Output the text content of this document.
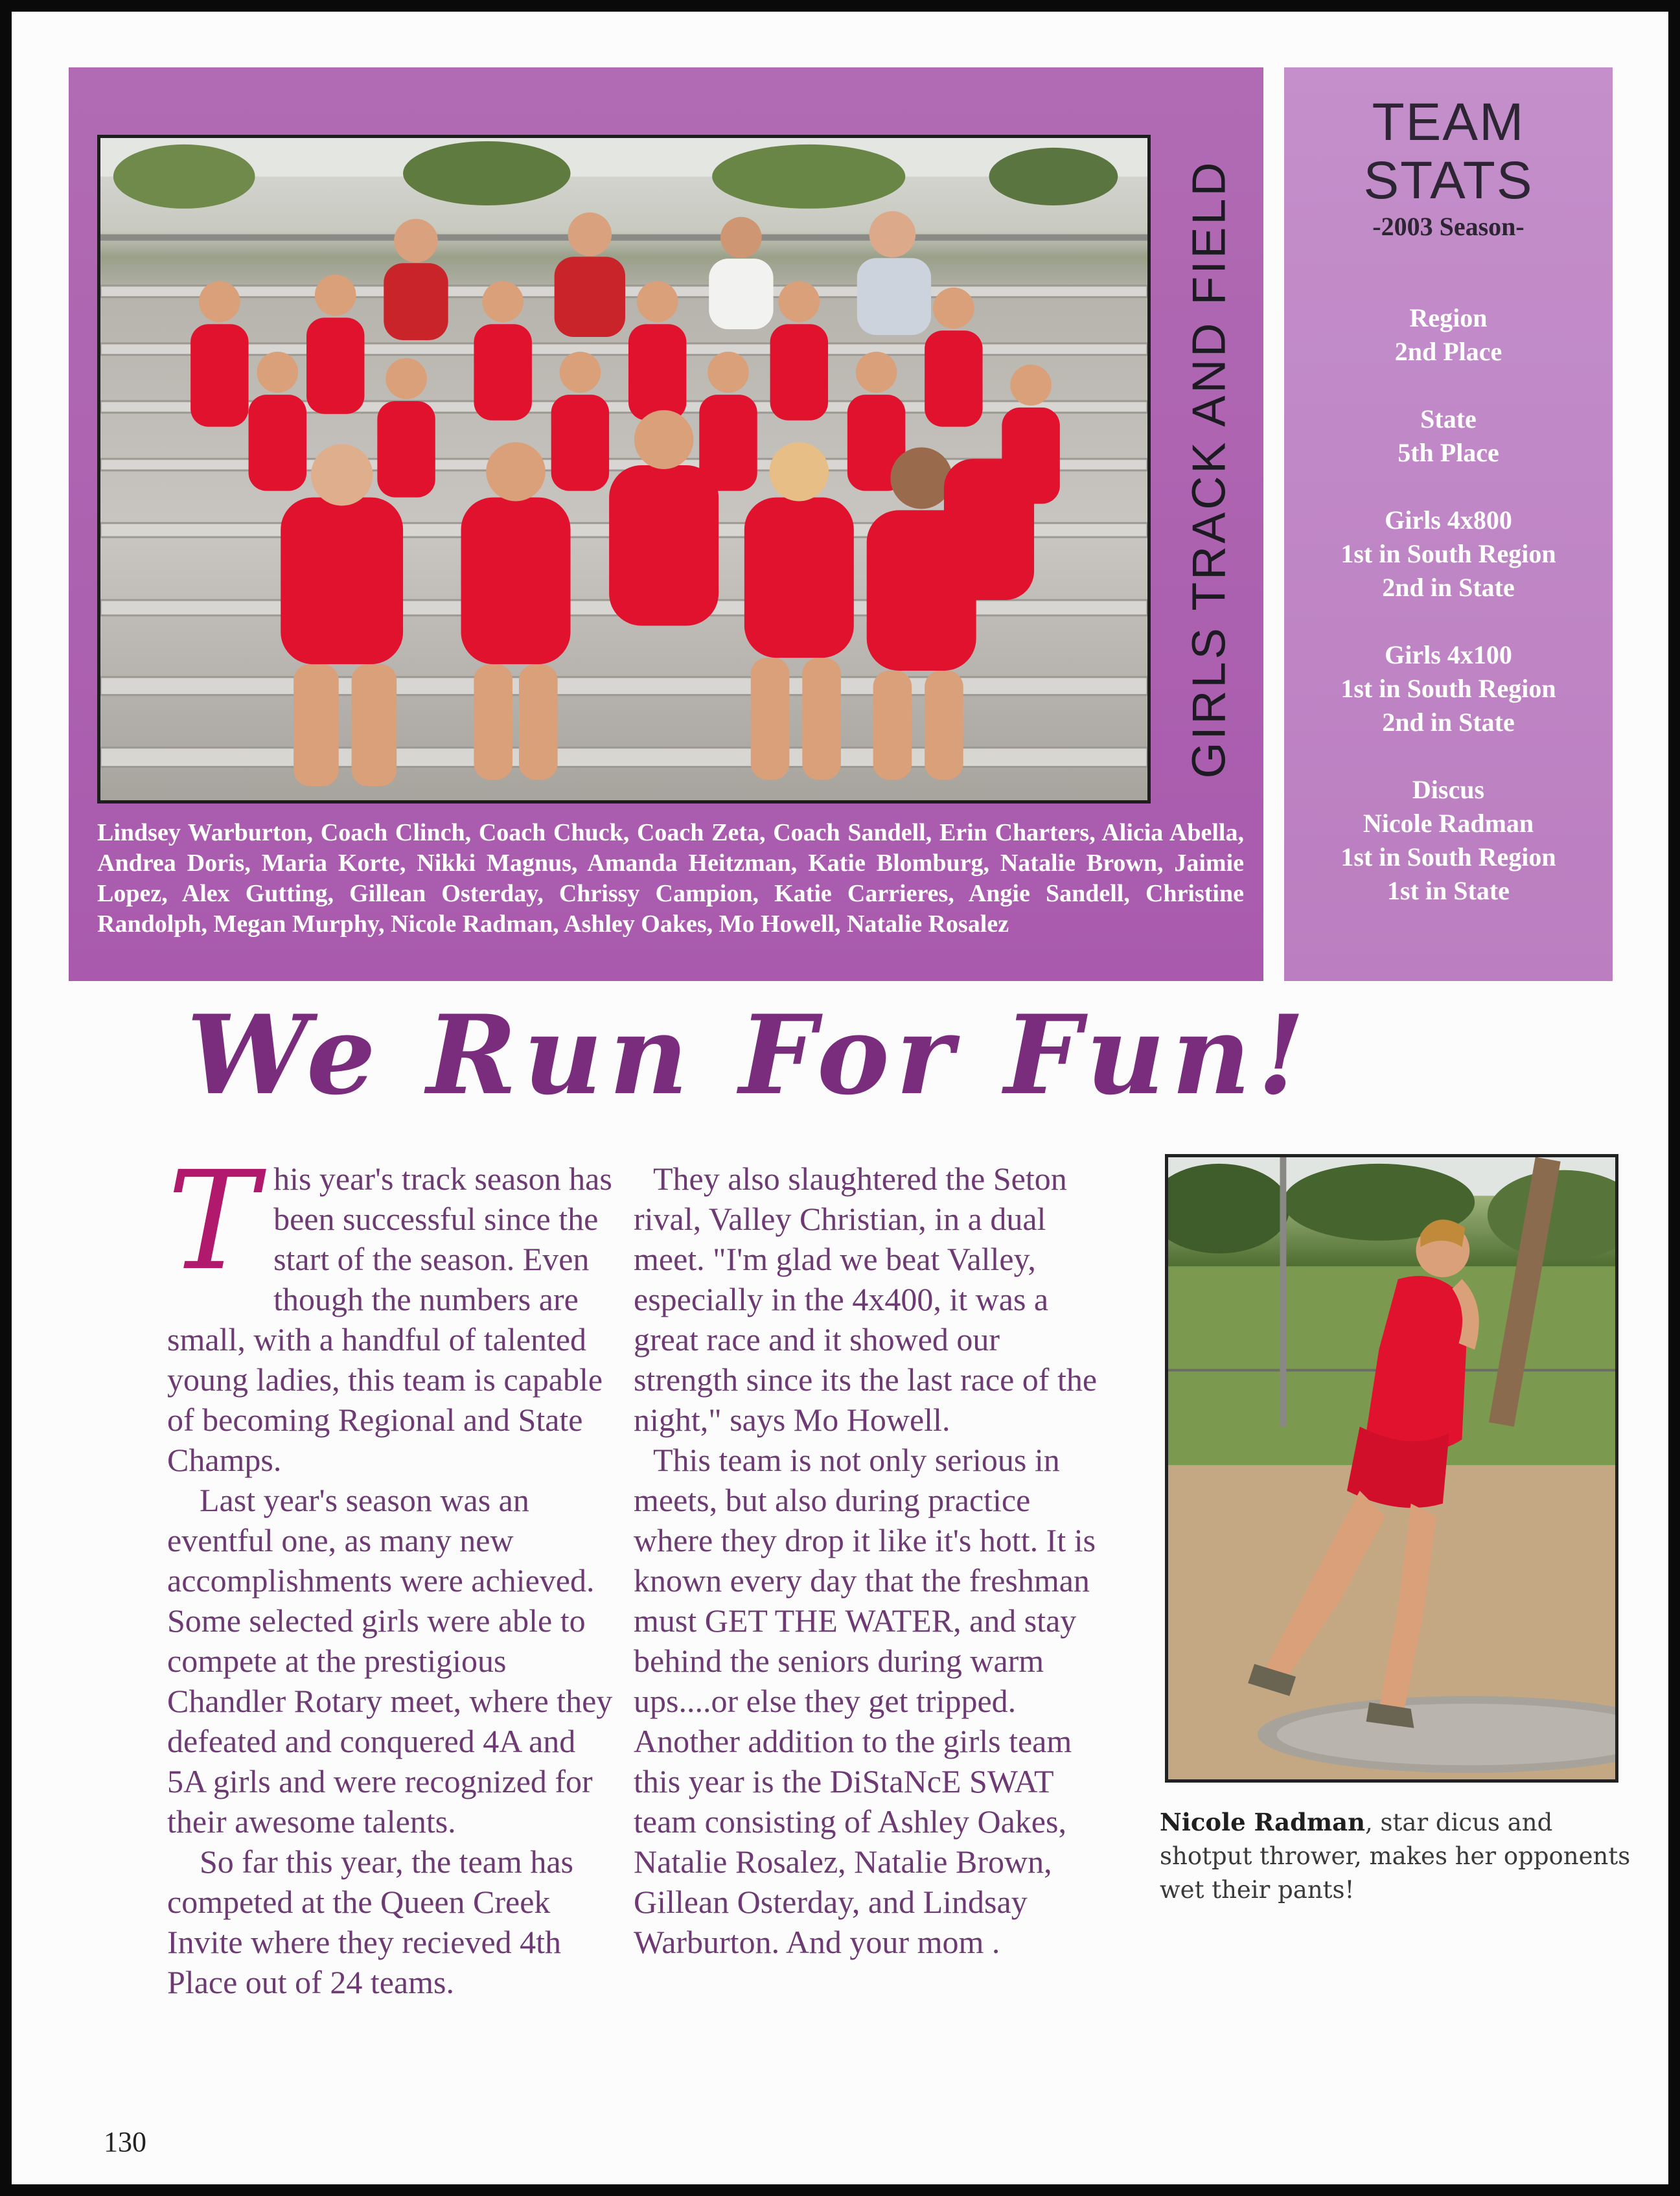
GIRLS TRACK AND FIELD
Lindsey Warburton, Coach Clinch, Coach Chuck, Coach Zeta, Coach Sandell, Erin Charters, Alicia Abella, Andrea Doris, Maria Korte, Nikki Magnus, Amanda Heitzman, Katie Blomburg, Natalie Brown, Jaimie Lopez, Alex Gutting, Gillean Osterday, Chrissy Campion, Katie Carrieres, Angie Sandell, Christine Randolph, Megan Murphy, Nicole Radman, Ashley Oakes, Mo Howell, Natalie Rosalez
TEAM STATS
-2003 Season-
Region
2nd Place
State
5th Place
Girls 4x800
1st in South Region
2nd in State
Girls 4x100
1st in South Region
2nd in State
Discus
Nicole Radman
1st in South Region
1st in State
We Run For Fun!

This year's track season has been successful since the start of the season. Even though the numbers are small, with a handful of talented young ladies, this team is capable of becoming Regional and State Champs.

Last year's season was an eventful one, as many new accomplishments were achieved. Some selected girls were able to compete at the prestigious Chandler Rotary meet, where they defeated and conquered 4A and 5A girls and were recognized for their awesome talents.

So far this year, the team has competed at the Queen Creek Invite where they recieved 4th Place out of 24 teams.

They also slaughtered the Seton rival, Valley Christian, in a dual meet. "I'm glad we beat Valley, especially in the 4x400, it was a great race and it showed our strength since its the last race of the night," says Mo Howell.

This team is not only serious in meets, but also during practice where they drop it like it's hott. It is known every day that the freshman must GET THE WATER, and stay behind the seniors during warm ups....or else they get tripped. Another addition to the girls team this year is the DiStaNcE SWAT team consisting of Ashley Oakes, Natalie Rosalez, Natalie Brown, Gillean Osterday, and Lindsay Warburton. And your mom .

Nicole Radman, star dicus and shotput thrower, makes her opponents wet their pants!
130
